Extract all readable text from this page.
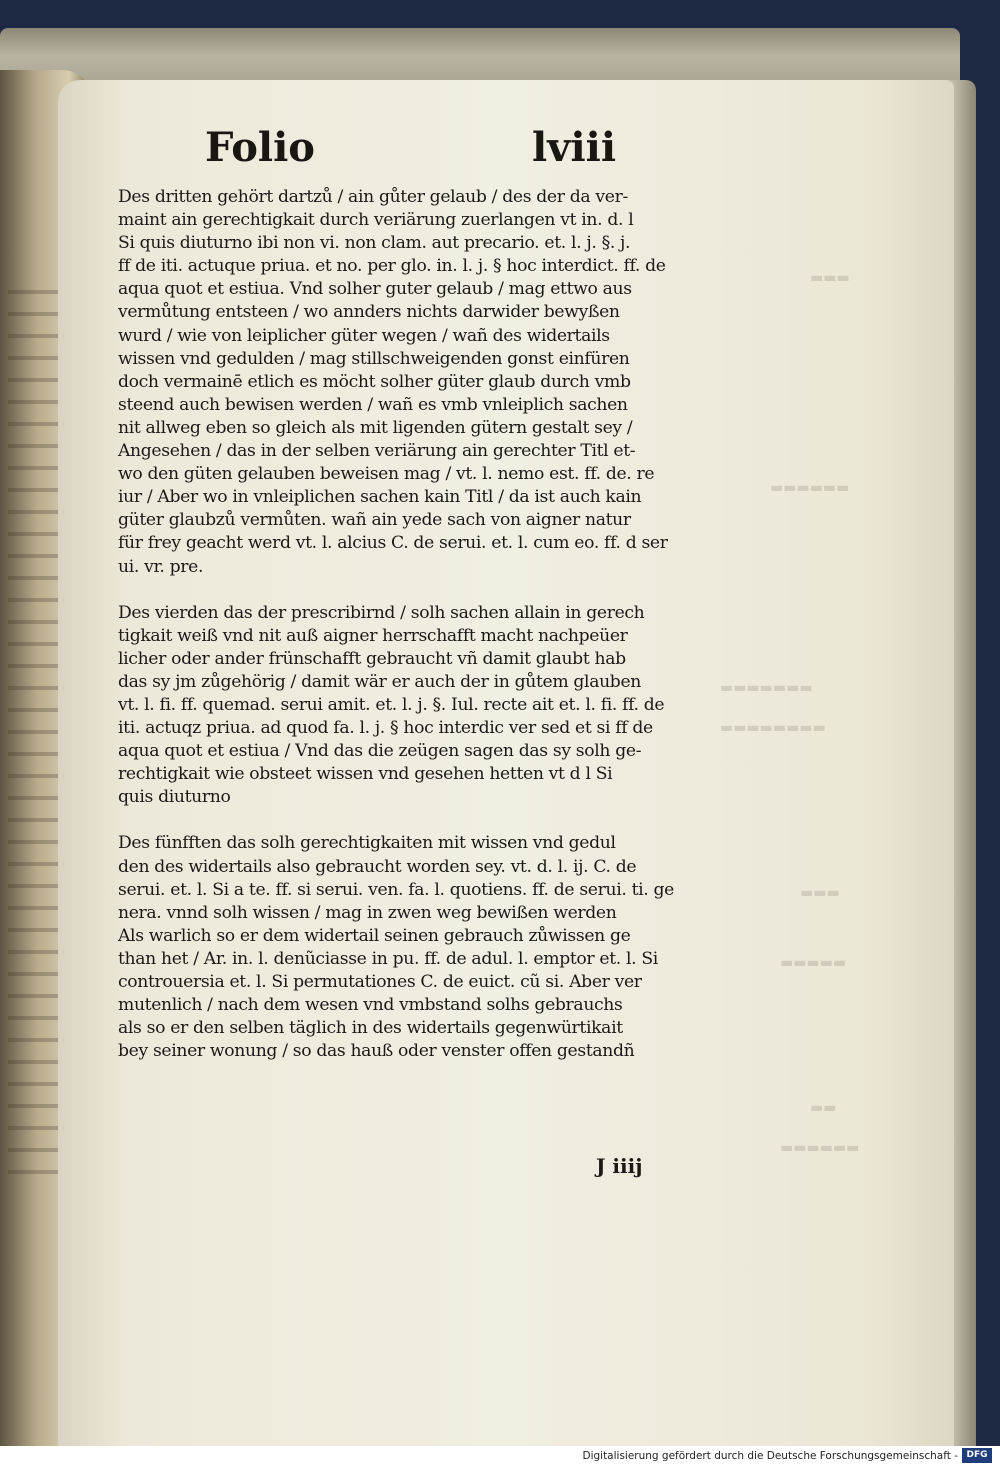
▬▬▬
▬▬▬▬▬▬
▬▬▬▬▬▬▬
▬▬▬▬▬▬▬▬
▬▬▬
▬▬▬▬▬
▬▬
▬▬▬▬▬▬
Folio	lviii
Des dritten gehört dartzů / ain gůter gelaub / des der da ver-
maint ain gerechtigkait durch veriärung zuerlangen vt in. d. l
Si quis diuturno ibi non vi. non clam. aut precario. et. l. j. §. j.
ff de iti. actuque priua. et no. per glo. in. l. j. § hoc interdict. ff. de
aqua quot et estiua. Vnd solher guter gelaub / mag ettwo aus
vermůtung entsteen / wo annders nichts darwider bewyßen
wurd / wie von leiplicher güter wegen / wañ des widertails
wissen vnd gedulden / mag stillschweigenden gonst einfüren
doch vermainē etlich es möcht solher güter glaub durch vmb
steend auch bewisen werden / wañ es vmb vnleiplich sachen
nit allweg eben so gleich als mit ligenden gütern gestalt sey /
Angesehen / das in der selben veriärung ain gerechter Titl et-
wo den güten gelauben beweisen mag / vt. l. nemo est. ff. de. re
iur / Aber wo in vnleiplichen sachen kain Titl / da ist auch kain
güter glaubzů vermůten. wañ ain yede sach von aigner natur
für frey geacht werd vt. l. alcius C. de serui. et. l. cum eo. ff. d ser
ui. vr. pre.
Des vierden das der prescribirnd / solh sachen allain in gerech
tigkait weiß vnd nit auß aigner herrschafft macht nachpeüer
licher oder ander frünschafft gebraucht vñ damit glaubt hab
das sy jm zůgehörig / damit wär er auch der in gůtem glauben
vt. l. fi. ff. quemad. serui amit. et. l. j. §. Iul. recte ait et. l. fi. ff. de
iti. actuqz priua. ad quod fa. l. j. § hoc interdic ver sed et si ff de
aqua quot et estiua / Vnd das die zeügen sagen das sy solh ge-
rechtigkait wie obsteet wissen vnd gesehen hetten vt d l Si
quis diuturno
Des fünfften das solh gerechtigkaiten mit wissen vnd gedul
den des widertails also gebraucht worden sey. vt. d. l. ij. C. de
serui. et. l. Si a te. ff. si serui. ven. fa. l. quotiens. ff. de serui. ti. ge
nera. vnnd solh wissen / mag in zwen weg bewißen werden
Als warlich so er dem widertail seinen gebrauch zůwissen ge
than het / Ar. in. l. denũciasse in pu. ff. de adul. l. emptor et. l. Si
controuersia et. l. Si permutationes C. de euict. cũ si. Aber ver
mutenlich / nach dem wesen vnd vmbstand solhs gebrauchs
als so er den selben täglich in des widertails gegenwürtikait
bey seiner wonung / so das hauß oder venster offen gestandñ
J iiij
Digitalisierung gefördert durch die Deutsche Forschungsgemeinschaft - DFG
